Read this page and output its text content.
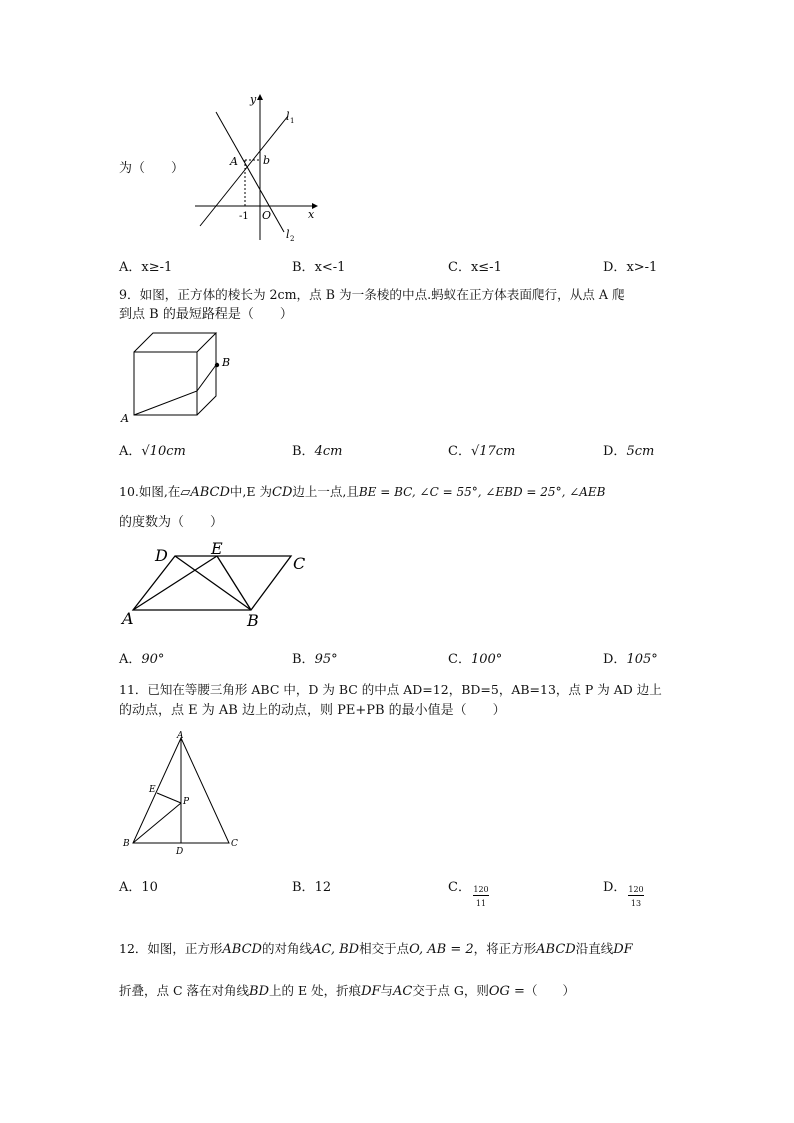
为（　　）
y
x
l 1
l 2
A b
-1 O
A．x≥-1	B．x<-1	C．x≤-1	D．x>-1
9．如图，正方体的棱长为 2cm，点 B 为一条棱的中点.蚂蚁在正方体表面爬行，从点 A 爬
到点 B 的最短路程是（　　）
A
B
A．√10cm	B．4cm	C．√17cm	D．5cm
10.如图,在▱ABCD中,E 为CD边上一点,且BE = BC, ∠C = 55°, ∠EBD = 25°, ∠AEB
的度数为（　　）
A	B
C
D	E
A．90°	B．95°	C．100°	D．105°
11．已知在等腰三角形 ABC 中，D 为 BC 的中点 AD=12，BD=5，AB=13，点 P 为 AD 边上
的动点，点 E 为 AB 边上的动点，则 PE+PB 的最小值是（　　）
A
B	C
D
E
P
A．10	B．12	C． $\frac{120}{11}$	D． $\frac{120}{13}$
12．如图，正方形ABCD的对角线AC, BD相交于点O, AB = 2，将正方形ABCD沿直线DF
折叠，点 C 落在对角线BD上的 E 处，折痕DF与AC交于点 G，则OG =（　　）
